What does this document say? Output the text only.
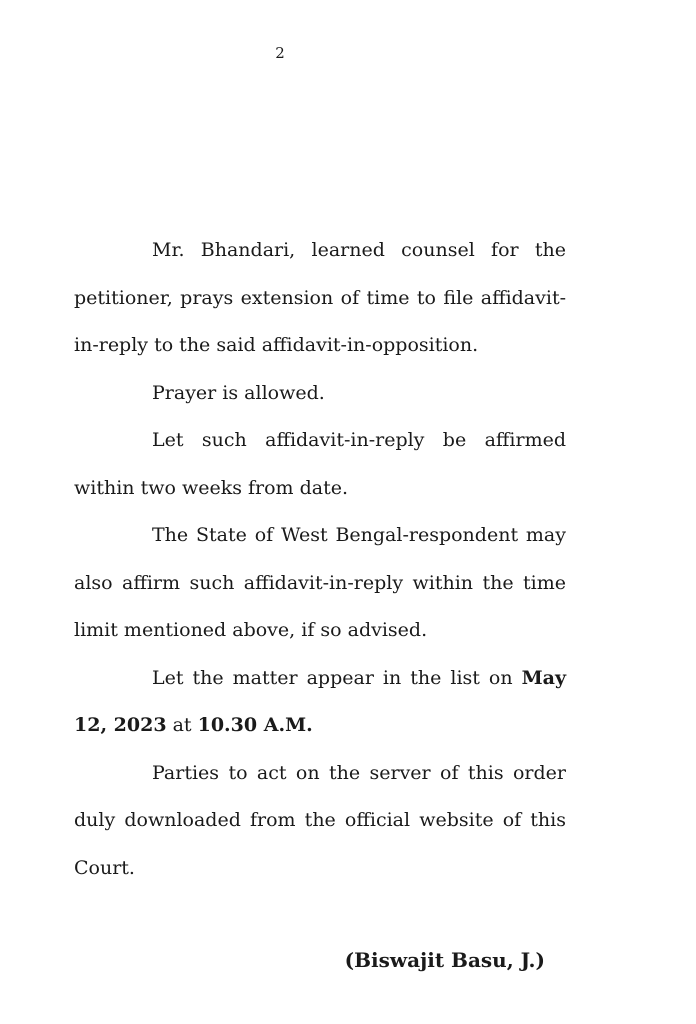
2

Mr. Bhandari, learned counsel for the petitioner, prays extension of time to file affidavit-in-reply to the said affidavit-in-opposition.

Prayer is allowed.

Let such affidavit-in-reply be affirmed within two weeks from date.

The State of West Bengal-respondent may also affirm such affidavit-in-reply within the time limit mentioned above, if so advised.

Let the matter appear in the list on May 12, 2023 at 10.30 A.M.

Parties to act on the server of this order duly downloaded from the official website of this Court.

(Biswajit Basu, J.)
